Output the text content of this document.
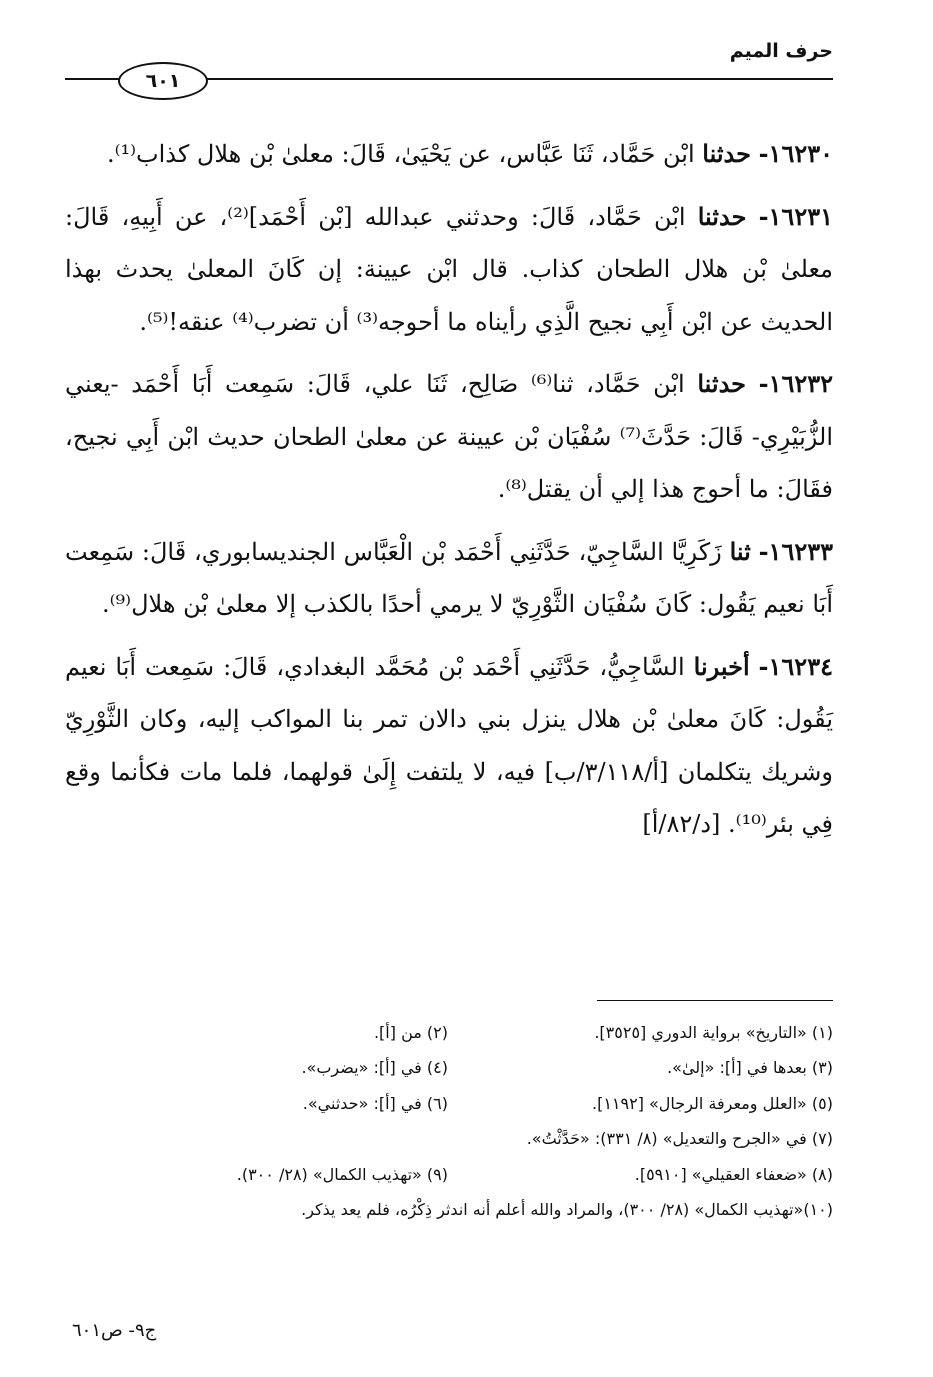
حرف الميم
٦٠١

١٦٢٣٠- حدثنا ابْن حَمَّاد، ثَنَا عَبَّاس، عن يَحْيَىٰ، قَالَ: معلىٰ بْن هلال كذاب⁽¹⁾.

١٦٢٣١- حدثنا ابْن حَمَّاد، قَالَ: وحدثني عبدالله [بْن أَحْمَد]⁽²⁾، عن أَبِيهِ، قَالَ: معلىٰ بْن هلال الطحان كذاب. قال ابْن عيينة: إن كَانَ المعلىٰ يحدث بهذا الحديث عن ابْن أَبِي نجيح الَّذِي رأيناه ما أحوجه⁽³⁾ أن تضرب⁽⁴⁾ عنقه!⁽⁵⁾.

١٦٢٣٢- حدثنا ابْن حَمَّاد، ثنا⁽⁶⁾ صَالِح، ثَنَا علي، قَالَ: سَمِعت أَبَا أَحْمَد -يعني الزُّبَيْرِي- قَالَ: حَدَّثَ⁽⁷⁾ سُفْيَان بْن عيينة عن معلىٰ الطحان حديث ابْن أَبِي نجيح، فقَالَ: ما أحوج هذا إلي أن يقتل⁽⁸⁾.

١٦٢٣٣- ثنا زَكَرِيَّا السَّاجِيّ، حَدَّثَنِي أَحْمَد بْن الْعَبَّاس الجنديسابوري، قَالَ: سَمِعت أَبَا نعيم يَقُول: كَانَ سُفْيَان الثَّوْرِيّ لا يرمي أحدًا بالكذب إلا معلىٰ بْن هلال⁽⁹⁾.

١٦٢٣٤- أخبرنا السَّاجِيُّ، حَدَّثَنِي أَحْمَد بْن مُحَمَّد البغدادي، قَالَ: سَمِعت أَبَا نعيم يَقُول: كَانَ معلىٰ بْن هلال ينزل بني دالان تمر بنا المواكب إليه، وكان الثَّوْرِيّ وشريك يتكلمان [أ/٣/١١٨/ب] فيه، لا يلتفت إِلَىٰ قولهما، فلما مات فكأنما وقع فِي بئر⁽¹⁰⁾. [د/٨٢/أ]

(١) «التاريخ» برواية الدوري [٣٥٢٥].
(٢) من [أ].
(٣) بعدها في [أ]: «إلىٰ».
(٤) في [أ]: «يضرب».
(٥) «العلل ومعرفة الرجال» [١١٩٢].
(٦) في [أ]: «حدثني».
(٧) في «الجرح والتعديل» (٨/ ٣٣١): «حَدَّثْتُ».
(٨) «ضعفاء العقيلي» [٥٩١٠].
(٩) «تهذيب الكمال» (٢٨/ ٣٠٠).
(١٠)«تهذيب الكمال» (٢٨/ ٣٠٠)، والمراد والله أعلم أنه اندثر ذِكْرُه، فلم يعد يذكر.
ج٩- ص٦٠١
